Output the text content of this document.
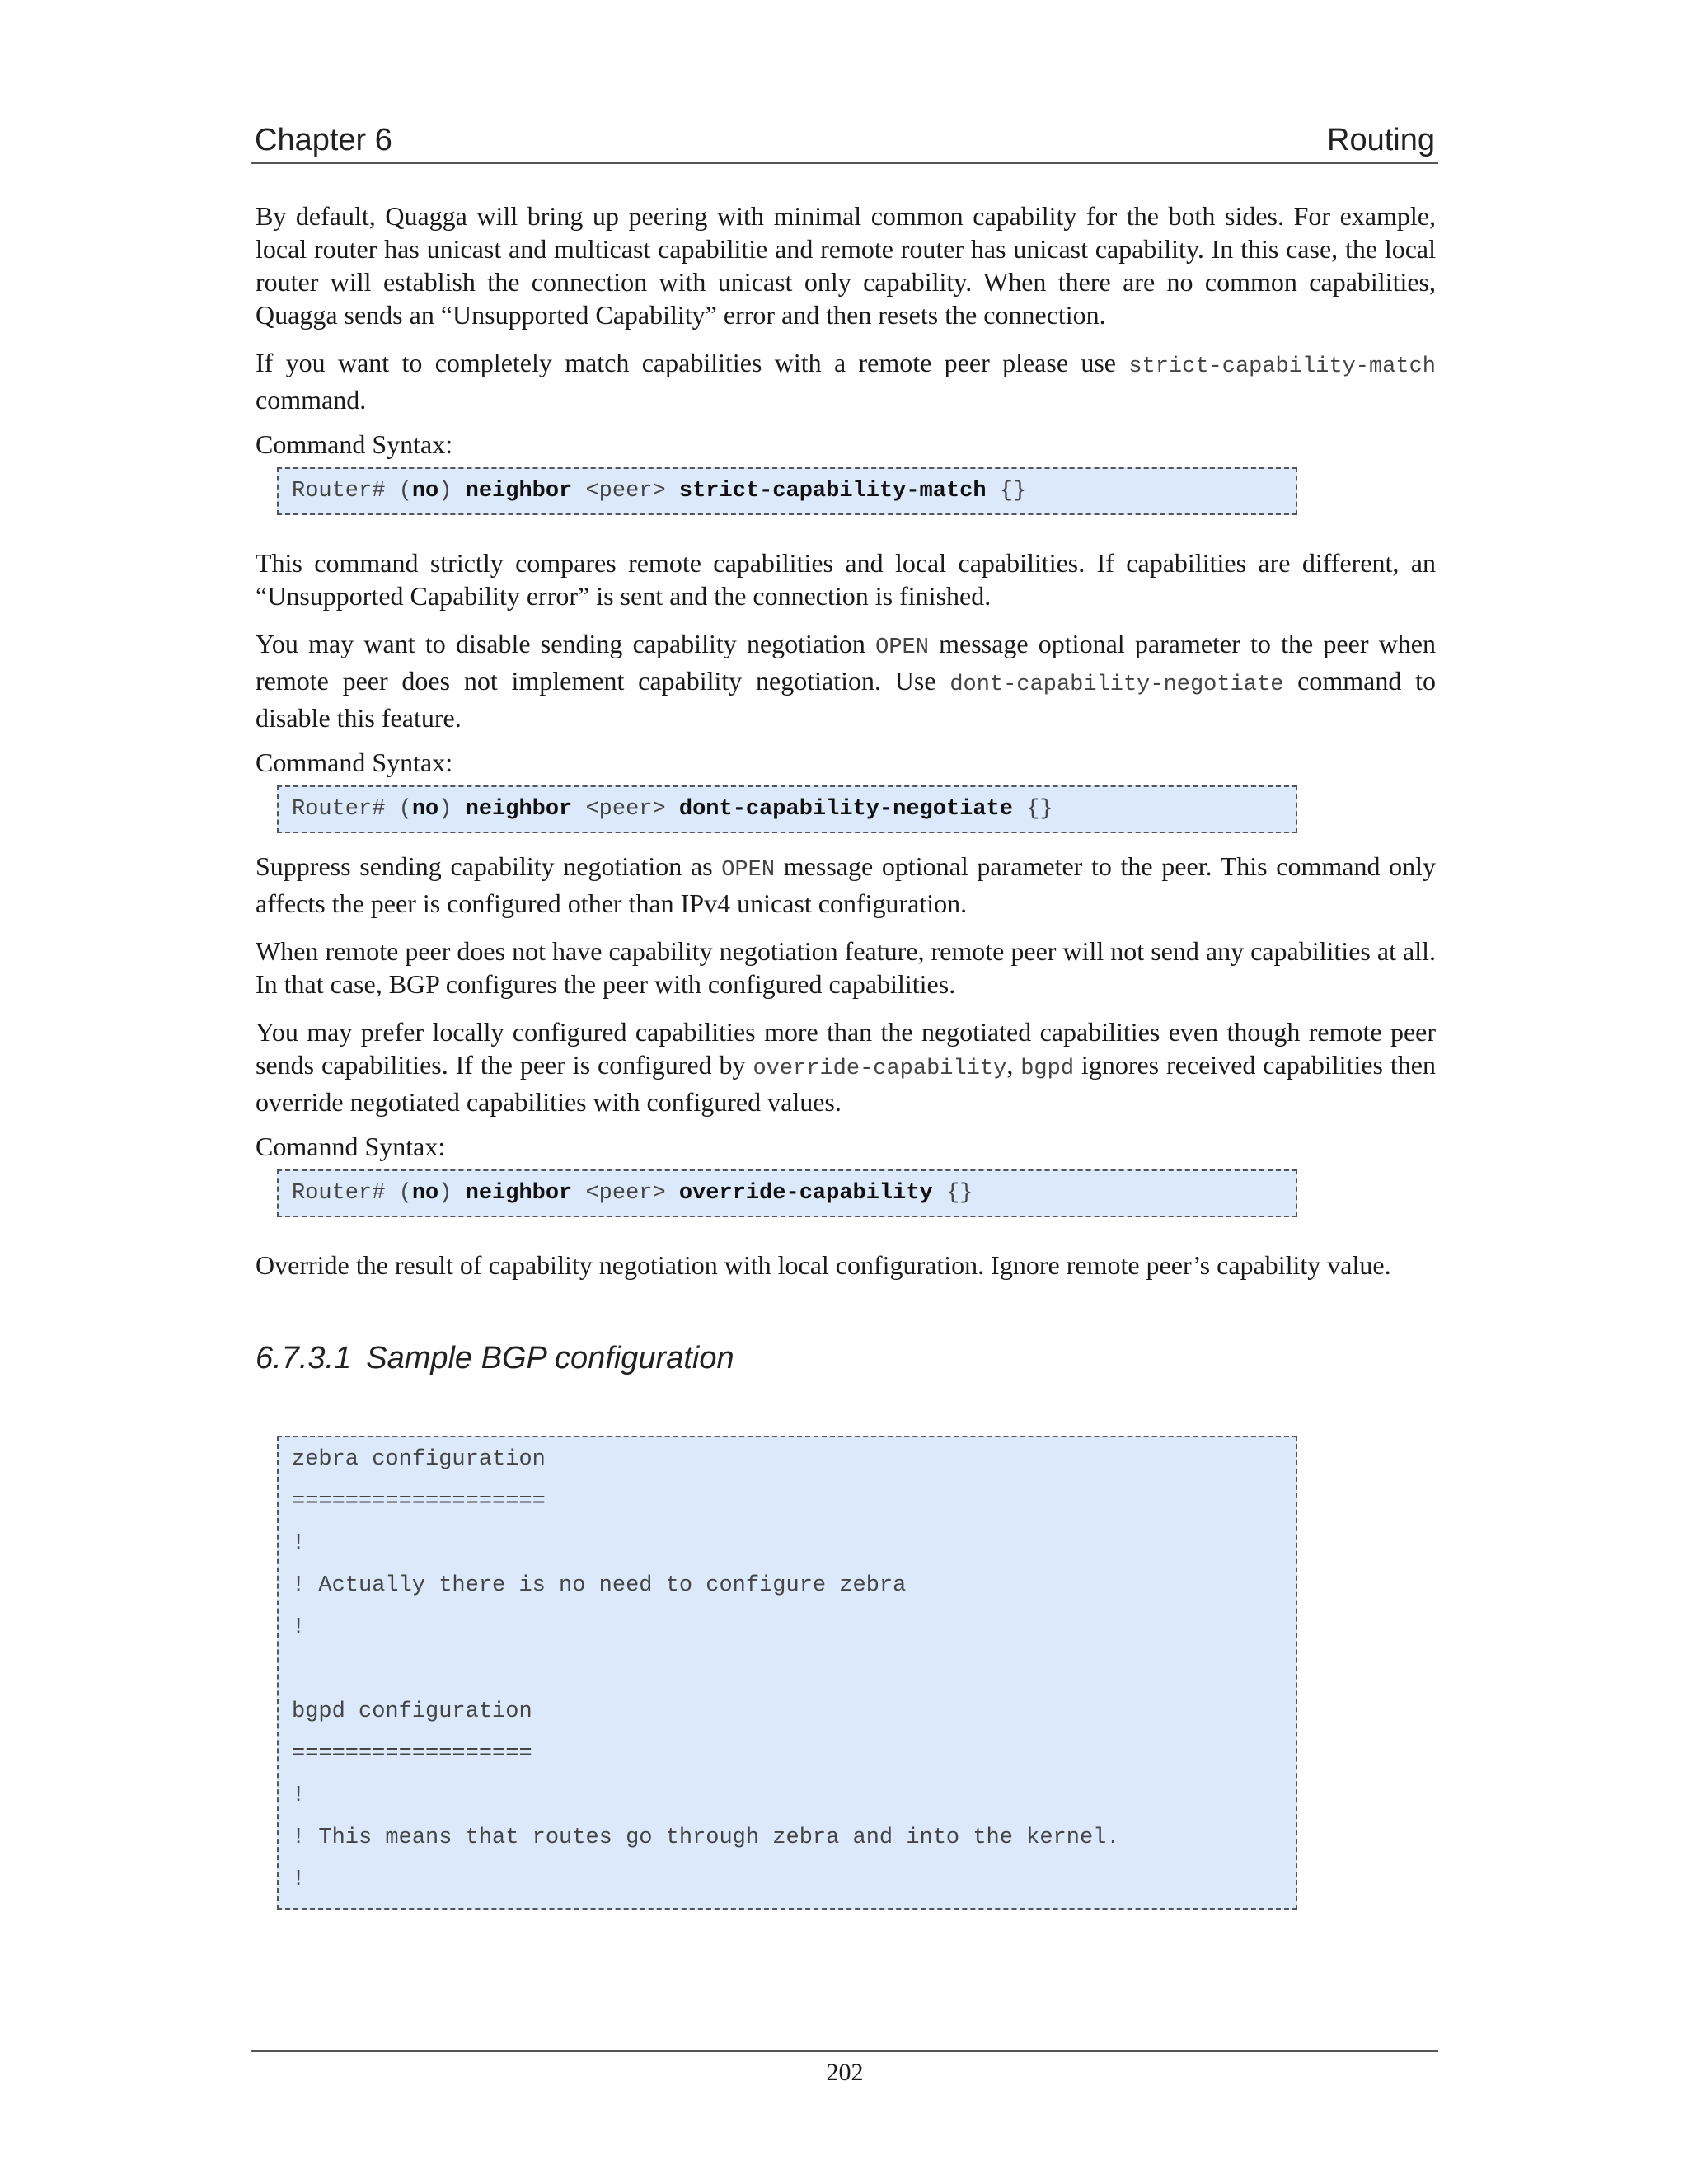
Chapter 6	Routing

By default, Quagga will bring up peering with minimal common capability for the both sides. For example, local router has unicast and multicast capabilitie and remote router has unicast capability. In this case, the local router will establish the connection with unicast only capability. When there are no common capabilities, Quagga sends an “Unsupported Capability” error and then resets the connection.

If you want to completely match capabilities with a remote peer please use strict-capability-match command.

Command Syntax:
Router# (no) neighbor <peer> strict-capability-match {}

This command strictly compares remote capabilities and local capabilities. If capabilities are different, an “Unsupported Capability error” is sent and the connection is finished.

You may want to disable sending capability negotiation OPEN message optional parameter to the peer when remote peer does not implement capability negotiation. Use dont-capability-negotiate command to disable this feature.

Command Syntax:
Router# (no) neighbor <peer> dont-capability-negotiate {}

Suppress sending capability negotiation as OPEN message optional parameter to the peer. This command only affects the peer is configured other than IPv4 unicast configuration.

When remote peer does not have capability negotiation feature, remote peer will not send any capabilities at all. In that case, BGP configures the peer with configured capabilities.

You may prefer locally configured capabilities more than the negotiated capabilities even though remote peer sends capabilities. If the peer is configured by override-capability, bgpd ignores received capabilities then override negotiated capabilities with configured values.

Comannd Syntax:
Router# (no) neighbor <peer> override-capability {}

Override the result of capability negotiation with local configuration. Ignore remote peer’s capability value.

6.7.3.1 Sample BGP configuration
zebra configuration
===================
!
! Actually there is no need to configure zebra
!
bgpd configuration
==================
!
! This means that routes go through zebra and into the kernel.
!
202
